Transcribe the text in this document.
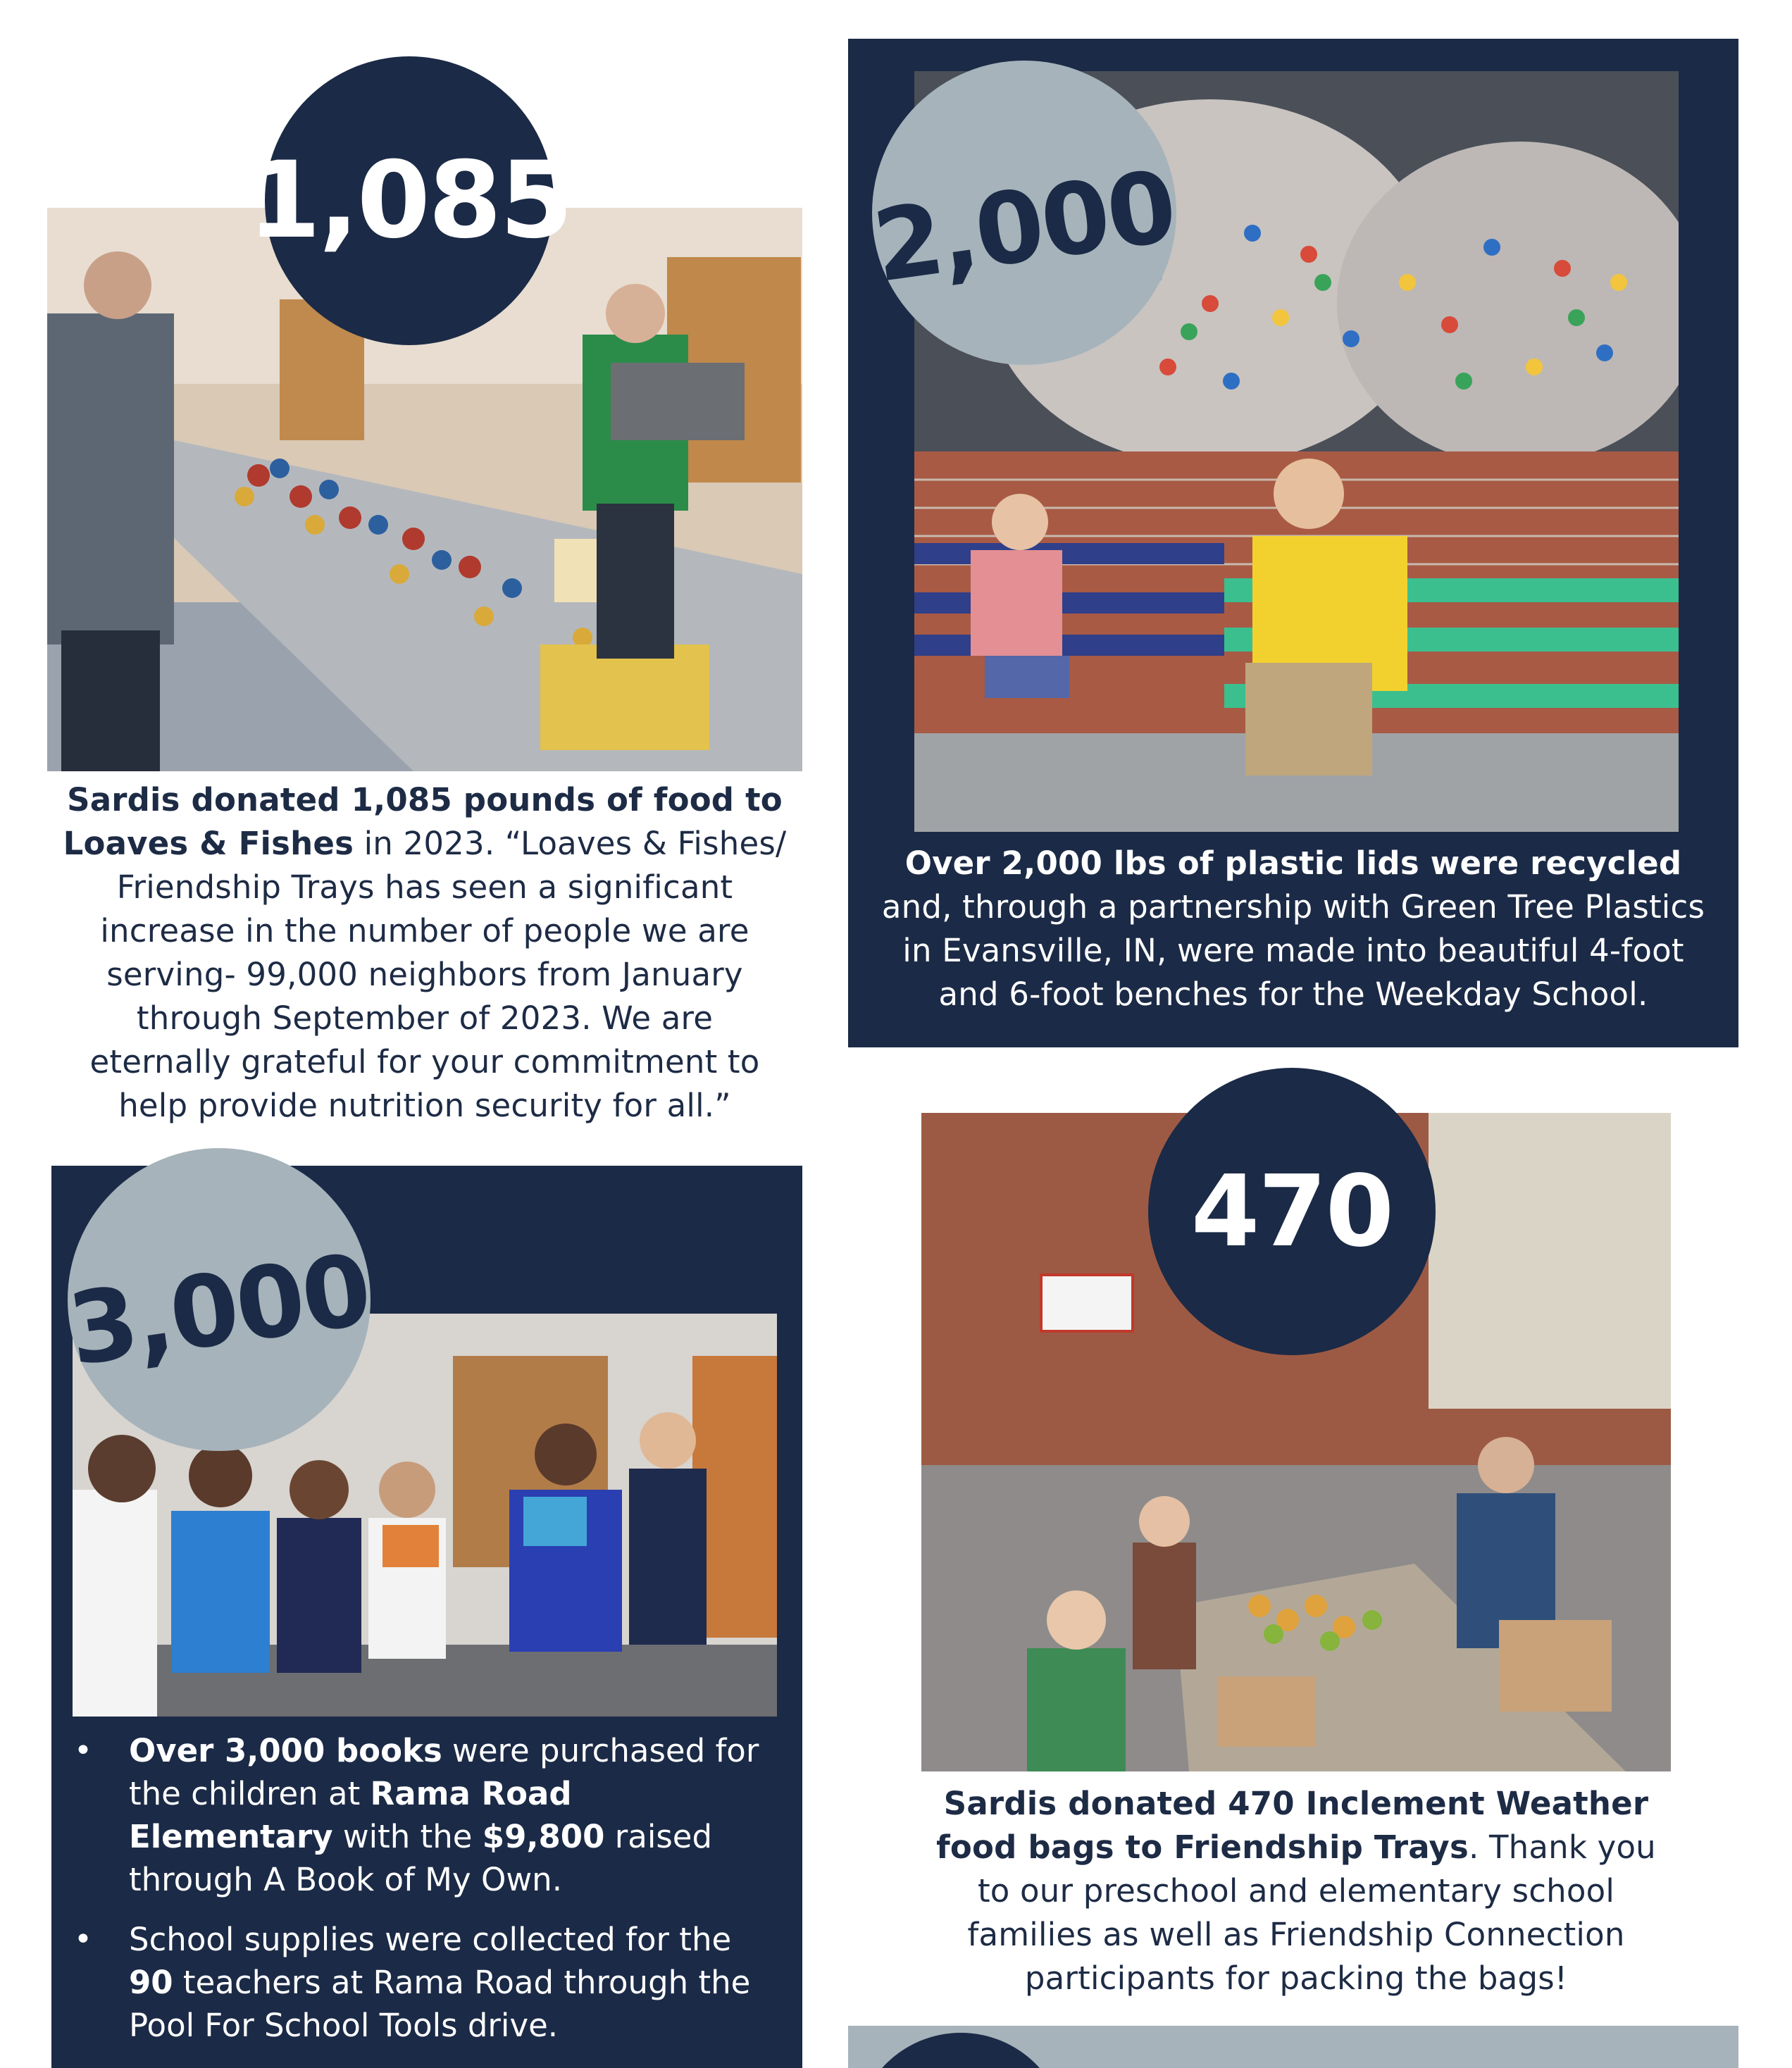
1,085
Sardis donated 1,085 pounds of food to Loaves & Fishes in 2023. “Loaves & Fishes/ Friendship Trays has seen a significant increase in the number of people we are serving- 99,000 neighbors from January through September of 2023. We are eternally grateful for your commitment to help provide nutrition security for all.”
Over 2,000 lbs of plastic lids were recycled and, through a partnership with Green Tree Plastics in Evansville, IN, were made into beautiful 4-foot and 6-foot benches for the Weekday School.
2,000
• Over 3,000 books were purchased for the children at Rama Road Elementary with the $9,800 raised through A Book of My Own.
• School supplies were collected for the 90 teachers at Rama Road through the Pool For School Tools drive.
3,000
470
Sardis donated 470 Inclement Weather food bags to Friendship Trays. Thank you to our preschool and elementary school families as well as Friendship Connection participants for packing the bags!
